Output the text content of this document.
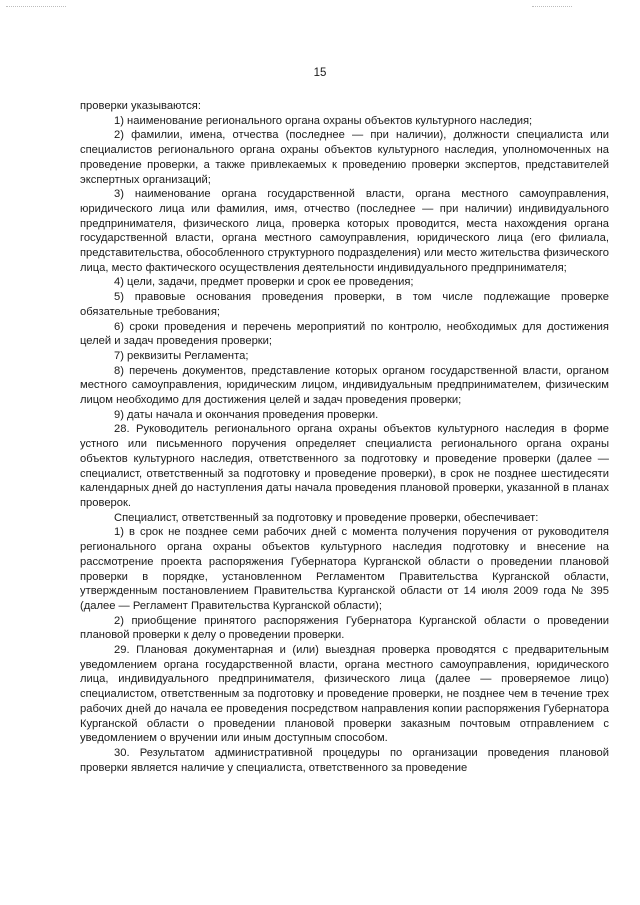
15

проверки указываются:

1) наименование регионального органа охраны объектов культурного наследия;

2) фамилии, имена, отчества (последнее — при наличии), должности специалиста или специалистов регионального органа охраны объектов культурного наследия, уполномоченных на проведение проверки, а также привлекаемых к проведению проверки экспертов, представителей экспертных организаций;

3) наименование органа государственной власти, органа местного самоуправления, юридического лица или фамилия, имя, отчество (последнее — при наличии) индивидуального предпринимателя, физического лица, проверка которых проводится, места нахождения органа государственной власти, органа местного самоуправления, юридического лица (его филиала, представительства, обособленного структурного подразделения) или место жительства физического лица, место фактического осуществления деятельности индивидуального предпринимателя;

4) цели, задачи, предмет проверки и срок ее проведения;

5) правовые основания проведения проверки, в том числе подлежащие проверке обязательные требования;

6) сроки проведения и перечень мероприятий по контролю, необходимых для достижения целей и задач проведения проверки;

7) реквизиты Регламента;

8) перечень документов, представление которых органом государственной власти, органом местного самоуправления, юридическим лицом, индивидуальным предпринимателем, физическим лицом необходимо для достижения целей и задач проведения проверки;

9) даты начала и окончания проведения проверки.

28. Руководитель регионального органа охраны объектов культурного наследия в форме устного или письменного поручения определяет специалиста регионального органа охраны объектов культурного наследия, ответственного за подготовку и проведение проверки (далее — специалист, ответственный за подготовку и проведение проверки), в срок не позднее шестидесяти календарных дней до наступления даты начала проведения плановой проверки, указанной в планах проверок.

Специалист, ответственный за подготовку и проведение проверки, обеспечивает:

1) в срок не позднее семи рабочих дней с момента получения поручения от руководителя регионального органа охраны объектов культурного наследия подготовку и внесение на рассмотрение проекта распоряжения Губернатора Курганской области о проведении плановой проверки в порядке, установленном Регламентом Правительства Курганской области, утвержденным постановлением Правительства Курганской области от 14 июля 2009 года № 395 (далее — Регламент Правительства Курганской области);

2) приобщение принятого распоряжения Губернатора Курганской области о проведении плановой проверки к делу о проведении проверки.

29. Плановая документарная и (или) выездная проверка проводятся с предварительным уведомлением органа государственной власти, органа местного самоуправления, юридического лица, индивидуального предпринимателя, физического лица (далее — проверяемое лицо) специалистом, ответственным за подготовку и проведение проверки, не позднее чем в течение трех рабочих дней до начала ее проведения посредством направления копии распоряжения Губернатора Курганской области о проведении плановой проверки заказным почтовым отправлением с уведомлением о вручении или иным доступным способом.

30. Результатом административной процедуры по организации проведения плановой проверки является наличие у специалиста, ответственного за проведение
